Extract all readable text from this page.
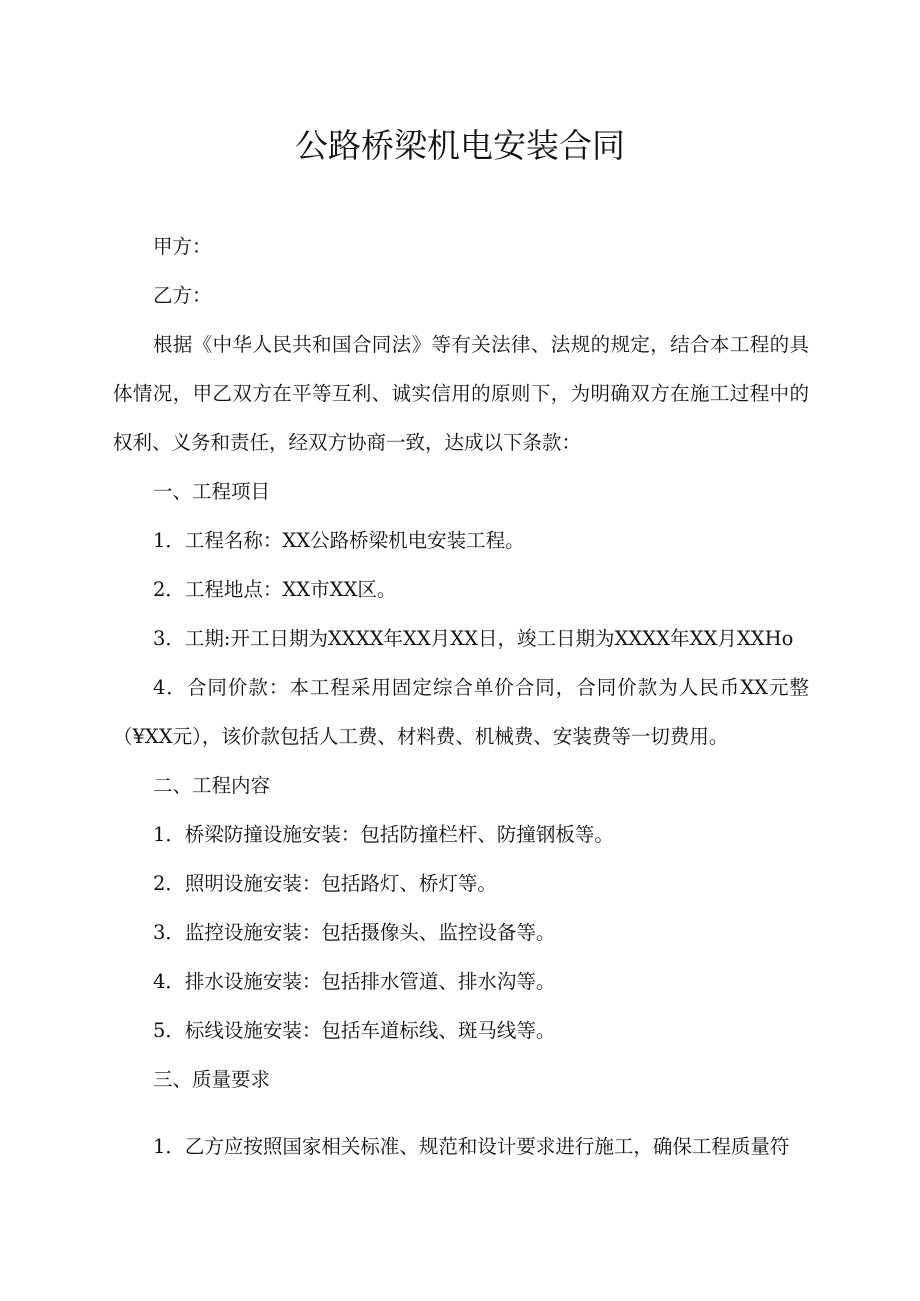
公路桥梁机电安装合同

甲方：

乙方：

根据《中华人民共和国合同法》等有关法律、法规的规定，结合本工程的具体情况，甲乙双方在平等互利、诚实信用的原则下，为明确双方在施工过程中的权利、义务和责任，经双方协商一致，达成以下条款：

一、工程项目

1．工程名称：XX公路桥梁机电安装工程。

2．工程地点：XX市XX区。

3．工期:开工日期为XXXX年XX月XX日，竣工日期为XXXX年XX月XXHo

4．合同价款：本工程采用固定综合单价合同，合同价款为人民币XX元整（¥XX元），该价款包括人工费、材料费、机械费、安装费等一切费用。

二、工程内容

1．桥梁防撞设施安装：包括防撞栏杆、防撞钢板等。

2．照明设施安装：包括路灯、桥灯等。

3．监控设施安装：包括摄像头、监控设备等。

4．排水设施安装：包括排水管道、排水沟等。

5．标线设施安装：包括车道标线、斑马线等。

三、质量要求

1．乙方应按照国家相关标准、规范和设计要求进行施工，确保工程质量符
